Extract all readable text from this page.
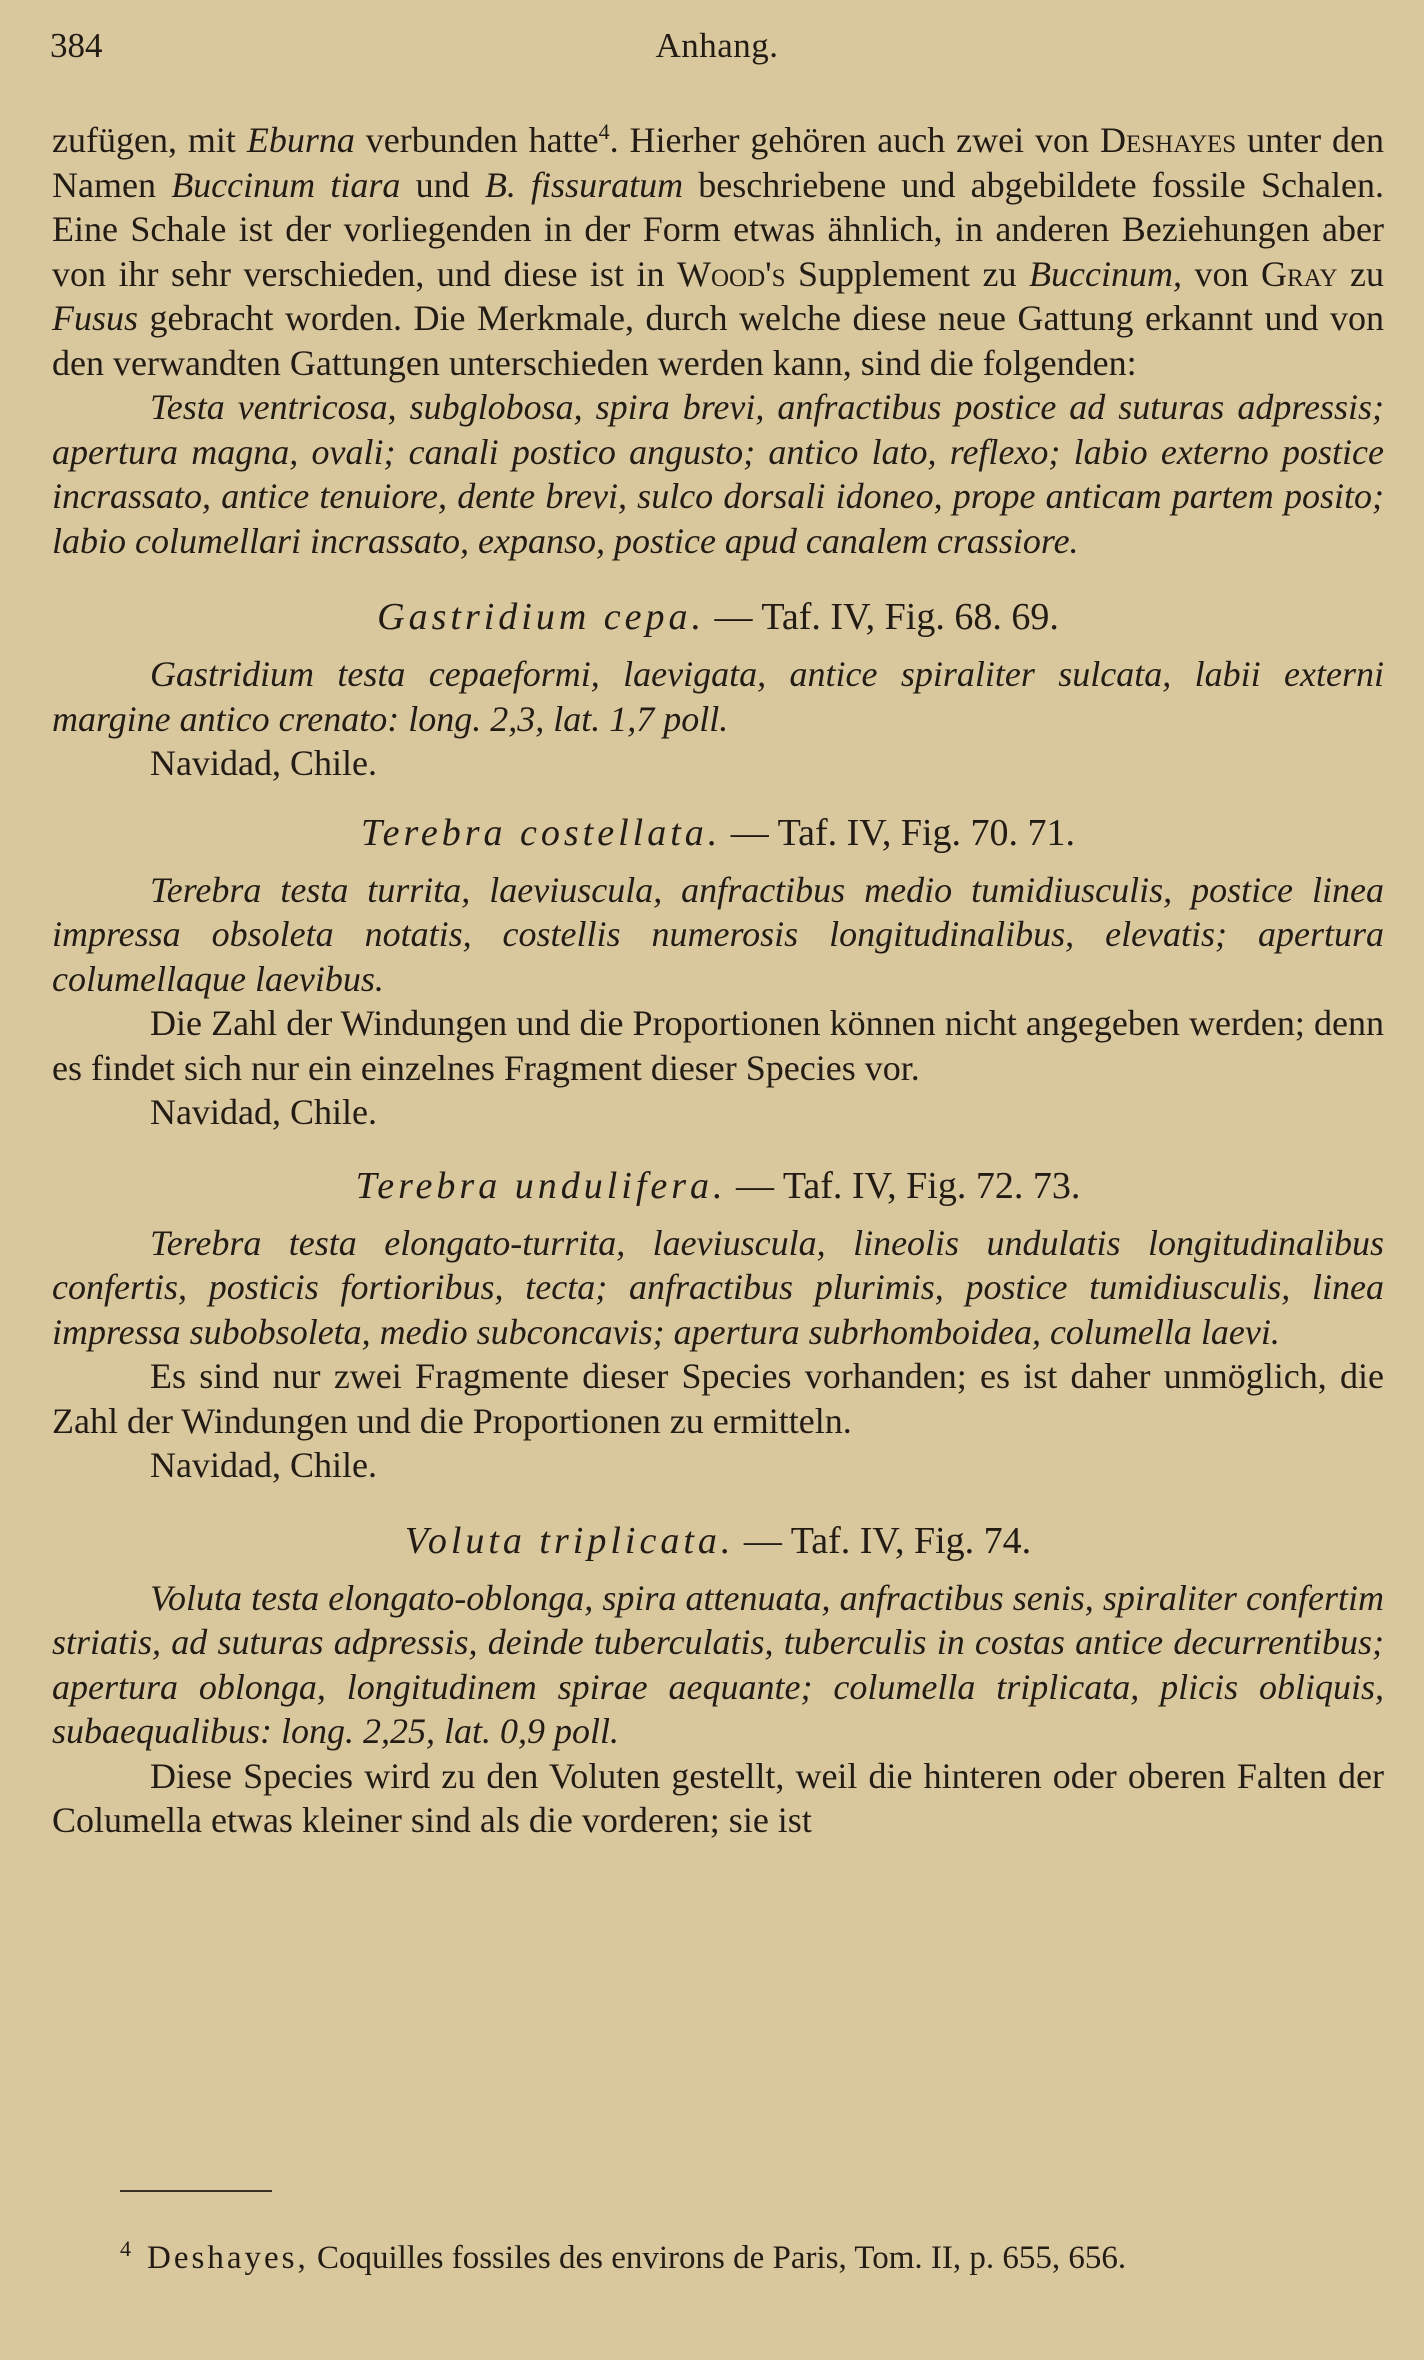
384	Anhang.

zufügen, mit Eburna verbunden hatte$^4$. Hierher gehören auch zwei von Deshayes unter den Namen Buccinum tiara und B. fissuratum beschriebene und abgebildete fossile Schalen. Eine Schale ist der vorliegenden in der Form etwas ähnlich, in anderen Beziehungen aber von ihr sehr verschieden, und diese ist in Wood's Supplement zu Buccinum, von Gray zu Fusus gebracht worden. Die Merkmale, durch welche diese neue Gattung erkannt und von den verwandten Gattungen unterschieden werden kann, sind die folgenden:

Testa ventricosa, subglobosa, spira brevi, anfractibus postice ad suturas adpressis; apertura magna, ovali; canali postico angusto; antico lato, reflexo; labio externo postice incrassato, antice tenuiore, dente brevi, sulco dorsali idoneo, prope anticam partem posito; labio columellari incrassato, expanso, postice apud canalem crassiore.

Gastridium cepa. — Taf. IV, Fig. 68. 69.

Gastridium testa cepaeformi, laevigata, antice spiraliter sulcata, labii externi margine antico crenato: long. 2,3, lat. 1,7 poll.

Navidad, Chile.

Terebra costellata. — Taf. IV, Fig. 70. 71.

Terebra testa turrita, laeviuscula, anfractibus medio tumidiusculis, postice linea impressa obsoleta notatis, costellis numerosis longitudinalibus, elevatis; apertura columellaque laevibus.

Die Zahl der Windungen und die Proportionen können nicht angegeben werden; denn es findet sich nur ein einzelnes Fragment dieser Species vor.

Navidad, Chile.

Terebra undulifera. — Taf. IV, Fig. 72. 73.

Terebra testa elongato-turrita, laeviuscula, lineolis undulatis longitudinalibus confertis, posticis fortioribus, tecta; anfractibus plurimis, postice tumidiusculis, linea impressa subobsoleta, medio subconcavis; apertura subrhomboidea, columella laevi.

Es sind nur zwei Fragmente dieser Species vorhanden; es ist daher unmöglich, die Zahl der Windungen und die Proportionen zu ermitteln.

Navidad, Chile.

Voluta triplicata. — Taf. IV, Fig. 74.

Voluta testa elongato-oblonga, spira attenuata, anfractibus senis, spiraliter confertim striatis, ad suturas adpressis, deinde tuberculatis, tuberculis in costas antice decurrentibus; apertura oblonga, longitudinem spirae aequante; columella triplicata, plicis obliquis, subaequalibus: long. 2,25, lat. 0,9 poll.

Diese Species wird zu den Voluten gestellt, weil die hinteren oder oberen Falten der Columella etwas kleiner sind als die vorderen; sie ist

$^4$ Deshayes, Coquilles fossiles des environs de Paris, Tom. II, p. 655, 656.
